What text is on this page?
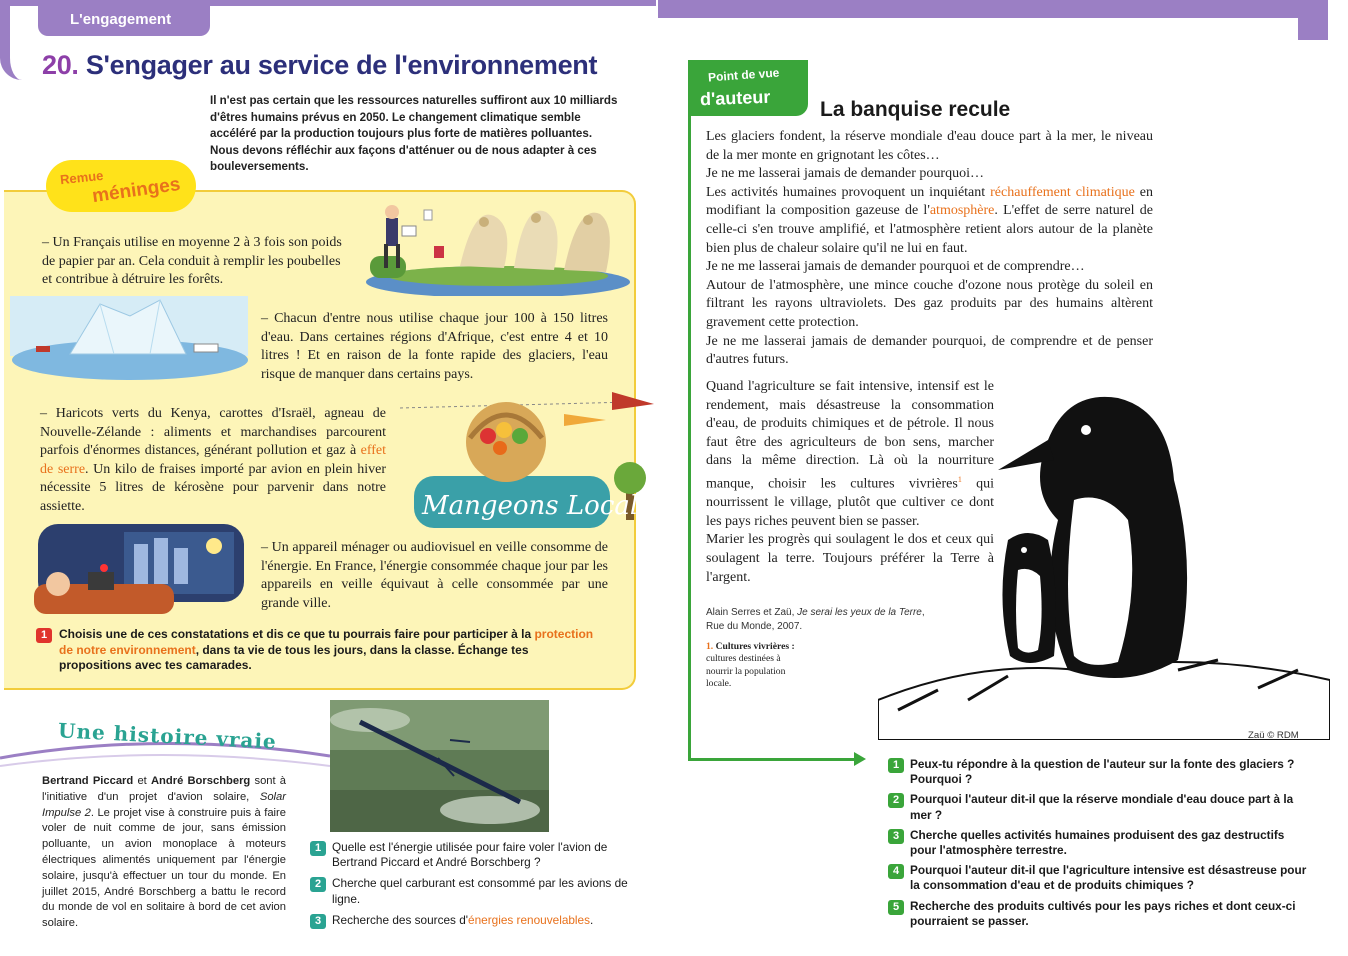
L'engagement
20. S'engager au service de l'environnement
Il n'est pas certain que les ressources naturelles suffiront aux 10 milliards d'êtres humains prévus en 2050. Le changement climatique semble accéléré par la production toujours plus forte de matières polluantes. Nous devons réfléchir aux façons d'atténuer ou de nous adapter à ces bouleversements.
Remue
méninges
– Un Français utilise en moyenne 2 à 3 fois son poids de papier par an. Cela conduit à remplir les poubelles et contribue à détruire les forêts.
– Chacun d'entre nous utilise chaque jour 100 à 150 litres d'eau. Dans certaines régions d'Afrique, c'est entre 4 et 10 litres ! Et en raison de la fonte rapide des glaciers, l'eau risque de manquer dans certains pays.
– Haricots verts du Kenya, carottes d'Israël, agneau de Nouvelle-Zélande : aliments et marchandises parcourent parfois d'énormes distances, générant pollution et gaz à effet de serre. Un kilo de fraises importé par avion en plein hiver nécessite 5 litres de kérosène pour parvenir dans notre assiette.	Mangeons Local
– Un appareil ménager ou audiovisuel en veille consomme de l'énergie. En France, l'énergie consommée chaque jour par les appareils en veille équivaut à celle consommée par une grande ville.
1 Choisis une de ces constatations et dis ce que tu pourrais faire pour participer à la protection de notre environnement, dans ta vie de tous les jours, dans la classe. Échange tes propositions avec tes camarades.
Une histoire vraie
Bertrand Piccard et André Borschberg sont à l'initiative d'un projet d'avion solaire, Solar Impulse 2. Le projet vise à construire puis à faire voler de nuit comme de jour, sans émission polluante, un avion monoplace à moteurs électriques alimentés uniquement par l'énergie solaire, jusqu'à effectuer un tour du monde. En juillet 2015, André Borschberg a battu le record du monde de vol en solitaire à bord de cet avion solaire.
1 Quelle est l'énergie utilisée pour faire voler l'avion de Bertrand Piccard et André Borschberg ?
2 Cherche quel carburant est consommé par les avions de ligne.
3 Recherche des sources d'énergies renouvelables.
Point de vue
d'auteur La banquise recule
Les glaciers fondent, la réserve mondiale d'eau douce part à la mer, le niveau de la mer monte en grignotant les côtes…
Je ne me lasserai jamais de demander pourquoi…
Les activités humaines provoquent un inquiétant réchauffement climatique en modifiant la composition gazeuse de l'atmosphère. L'effet de serre naturel de celle-ci s'en trouve amplifié, et l'atmosphère retient alors autour de la planète bien plus de chaleur solaire qu'il ne lui en faut.
Je ne me lasserai jamais de demander pourquoi et de comprendre…
Autour de l'atmosphère, une mince couche d'ozone nous protège du soleil en filtrant les rayons ultraviolets. Des gaz produits par des humains altèrent gravement cette protection.
Je ne me lasserai jamais de demander pourquoi, de comprendre et de penser d'autres futurs.
Quand l'agriculture se fait intensive, intensif est le rendement, mais désastreuse la consommation d'eau, de produits chimiques et de pétrole. Il nous faut être des agriculteurs de bon sens, marcher dans la même direction. Là où la nourriture manque, choisir les cultures vivrières$^1$ qui nourrissent le village, plutôt que cultiver ce dont les pays riches peuvent bien se passer.
Marier les progrès qui soulagent le dos et ceux qui soulagent la terre. Toujours préférer la Terre à l'argent.
Alain Serres et Zaü, Je serai les yeux de la Terre, Rue du Monde, 2007.
1. Cultures vivrières : cultures destinées à nourrir la population locale.
Zaü © RDM
1 Peux-tu répondre à la question de l'auteur sur la fonte des glaciers ? Pourquoi ?
2 Pourquoi l'auteur dit-il que la réserve mondiale d'eau douce part à la mer ?
3 Cherche quelles activités humaines produisent des gaz destructifs pour l'atmosphère terrestre.
4 Pourquoi l'auteur dit-il que l'agriculture intensive est désastreuse pour la consommation d'eau et de produits chimiques ?
5 Recherche des produits cultivés pour les pays riches et dont ceux-ci pourraient se passer.
